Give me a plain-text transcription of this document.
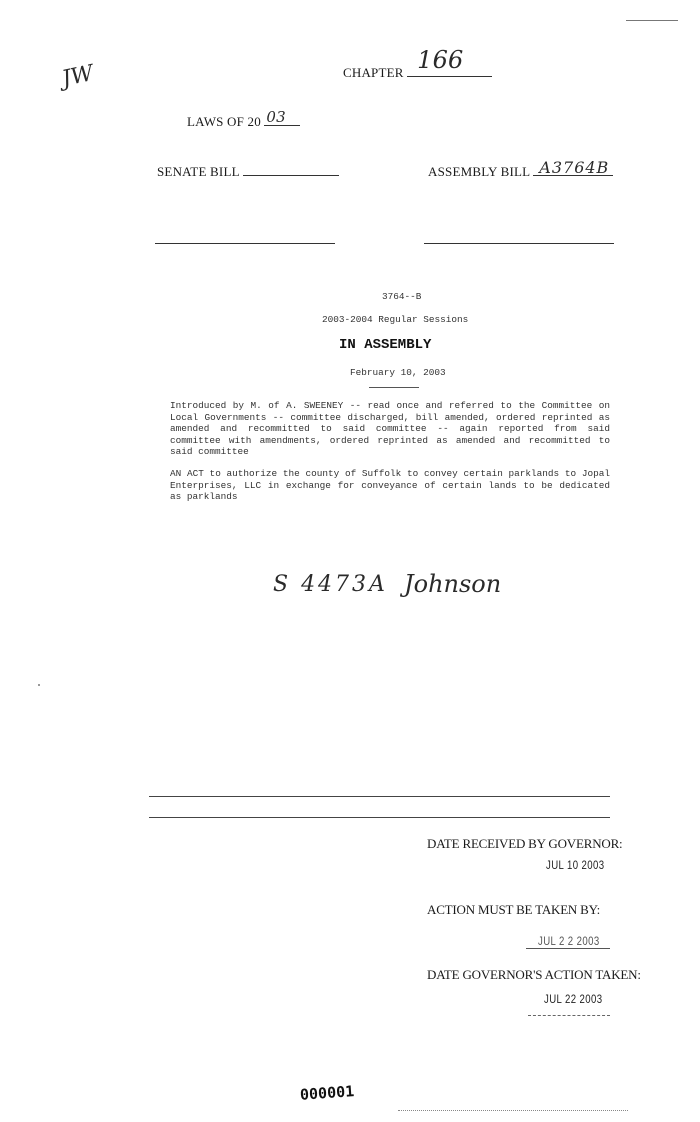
JW	CHAPTER 166
LAWS OF 20 03
SENATE BILL	ASSEMBLY BILL A3764B
3764--B
2003-2004 Regular Sessions
IN ASSEMBLY
February 10, 2003
Introduced by M. of A. SWEENEY -- read once and referred to the Committee on Local Governments -- committee discharged, bill amended, ordered reprinted as amended and recommitted to said committee -- again reported from said committee with amendments, ordered reprinted as amended and recommitted to said committee
AN ACT to authorize the county of Suffolk to convey certain parklands to Jopal Enterprises, LLC in exchange for conveyance of certain lands to be dedicated as parklands
S 4473A Johnson
DATE RECEIVED BY GOVERNOR:
JUL 10 2003
ACTION MUST BE TAKEN BY:
JUL 2 2 2003
DATE GOVERNOR'S ACTION TAKEN:
JUL 22 2003
000001
